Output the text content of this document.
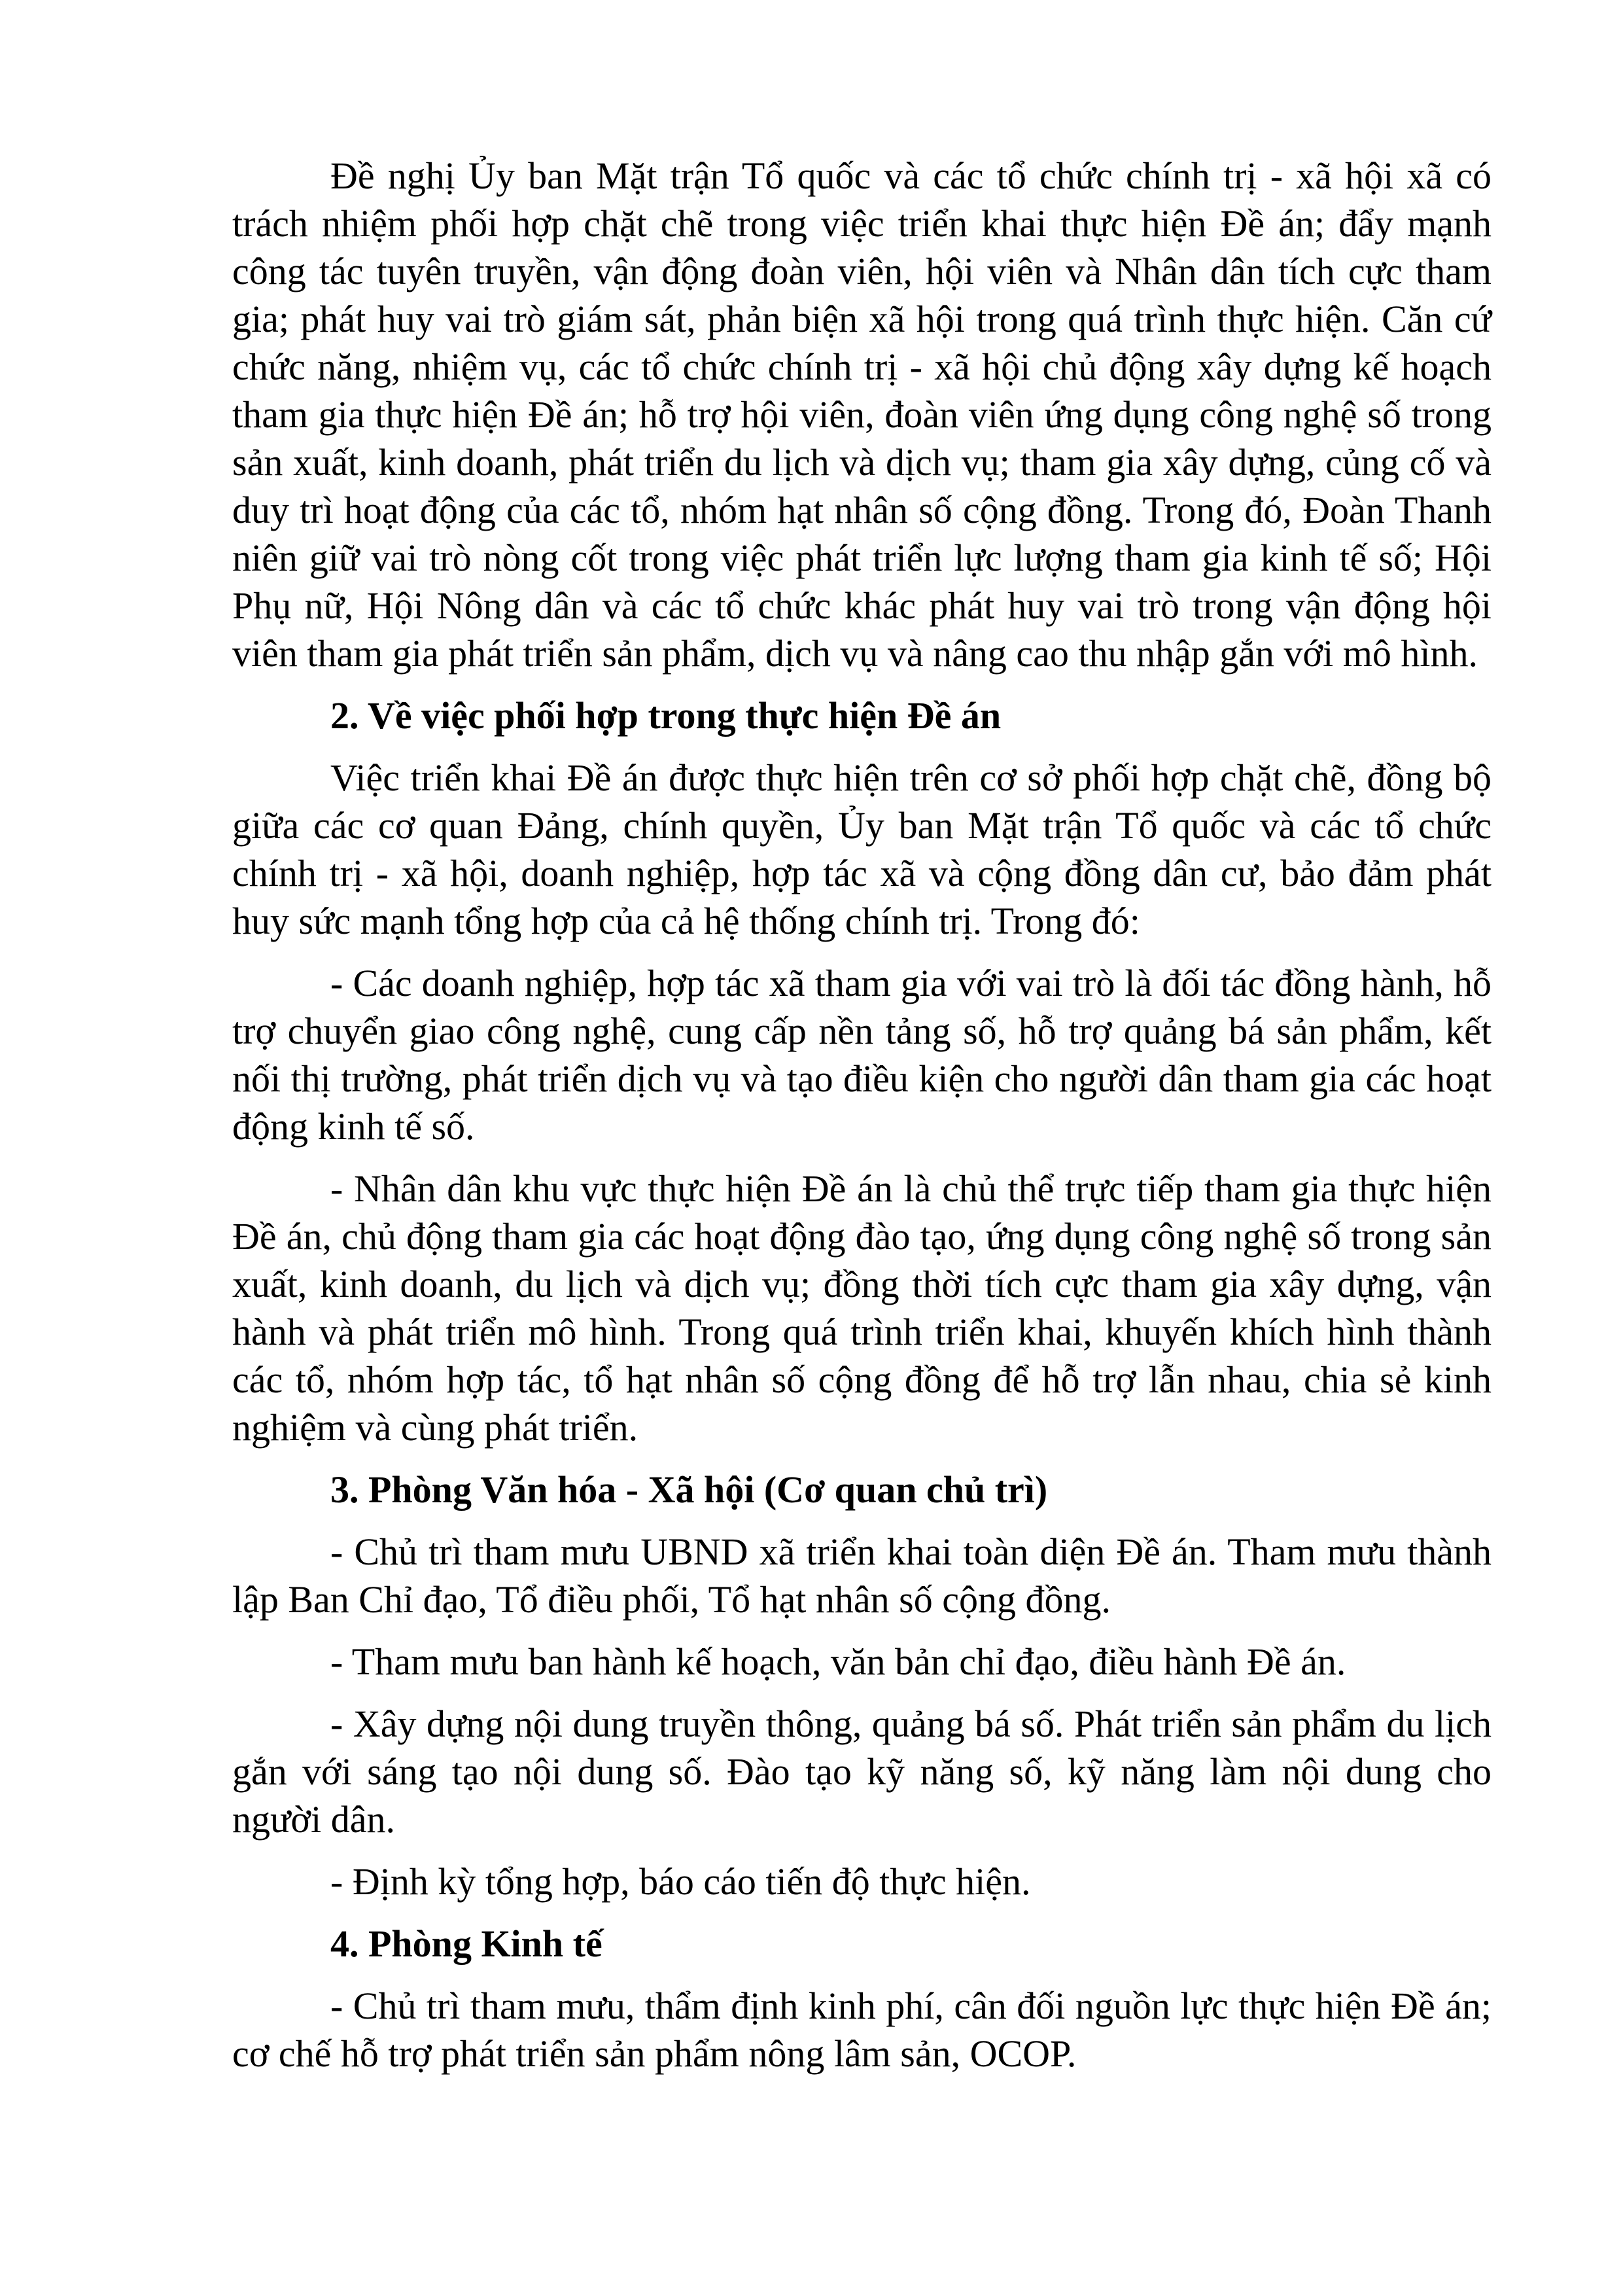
Đề nghị Ủy ban Mặt trận Tổ quốc và các tổ chức chính trị - xã hội xã có trách nhiệm phối hợp chặt chẽ trong việc triển khai thực hiện Đề án; đẩy mạnh công tác tuyên truyền, vận động đoàn viên, hội viên và Nhân dân tích cực tham gia; phát huy vai trò giám sát, phản biện xã hội trong quá trình thực hiện. Căn cứ chức năng, nhiệm vụ, các tổ chức chính trị - xã hội chủ động xây dựng kế hoạch tham gia thực hiện Đề án; hỗ trợ hội viên, đoàn viên ứng dụng công nghệ số trong sản xuất, kinh doanh, phát triển du lịch và dịch vụ; tham gia xây dựng, củng cố và duy trì hoạt động của các tổ, nhóm hạt nhân số cộng đồng. Trong đó, Đoàn Thanh niên giữ vai trò nòng cốt trong việc phát triển lực lượng tham gia kinh tế số; Hội Phụ nữ, Hội Nông dân và các tổ chức khác phát huy vai trò trong vận động hội viên tham gia phát triển sản phẩm, dịch vụ và nâng cao thu nhập gắn với mô hình.

2. Về việc phối hợp trong thực hiện Đề án

Việc triển khai Đề án được thực hiện trên cơ sở phối hợp chặt chẽ, đồng bộ giữa các cơ quan Đảng, chính quyền, Ủy ban Mặt trận Tổ quốc và các tổ chức chính trị - xã hội, doanh nghiệp, hợp tác xã và cộng đồng dân cư, bảo đảm phát huy sức mạnh tổng hợp của cả hệ thống chính trị. Trong đó:

- Các doanh nghiệp, hợp tác xã tham gia với vai trò là đối tác đồng hành, hỗ trợ chuyển giao công nghệ, cung cấp nền tảng số, hỗ trợ quảng bá sản phẩm, kết nối thị trường, phát triển dịch vụ và tạo điều kiện cho người dân tham gia các hoạt động kinh tế số.

- Nhân dân khu vực thực hiện Đề án là chủ thể trực tiếp tham gia thực hiện Đề án, chủ động tham gia các hoạt động đào tạo, ứng dụng công nghệ số trong sản xuất, kinh doanh, du lịch và dịch vụ; đồng thời tích cực tham gia xây dựng, vận hành và phát triển mô hình. Trong quá trình triển khai, khuyến khích hình thành các tổ, nhóm hợp tác, tổ hạt nhân số cộng đồng để hỗ trợ lẫn nhau, chia sẻ kinh nghiệm và cùng phát triển.

3. Phòng Văn hóa - Xã hội (Cơ quan chủ trì)

- Chủ trì tham mưu UBND xã triển khai toàn diện Đề án. Tham mưu thành lập Ban Chỉ đạo, Tổ điều phối, Tổ hạt nhân số cộng đồng.

- Tham mưu ban hành kế hoạch, văn bản chỉ đạo, điều hành Đề án.

- Xây dựng nội dung truyền thông, quảng bá số. Phát triển sản phẩm du lịch gắn với sáng tạo nội dung số. Đào tạo kỹ năng số, kỹ năng làm nội dung cho người dân.

- Định kỳ tổng hợp, báo cáo tiến độ thực hiện.

4. Phòng Kinh tế

- Chủ trì tham mưu, thẩm định kinh phí, cân đối nguồn lực thực hiện Đề án; cơ chế hỗ trợ phát triển sản phẩm nông lâm sản, OCOP.
